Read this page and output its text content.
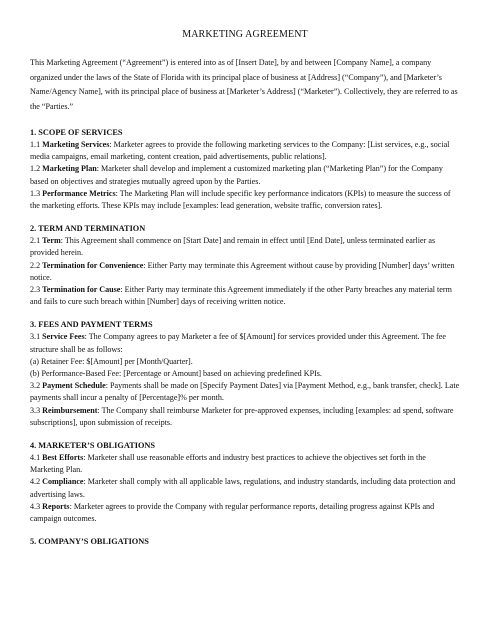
MARKETING AGREEMENT

This Marketing Agreement (“Agreement”) is entered into as of [Insert Date], by and between [Company Name], a company organized under the laws of the State of Florida with its principal place of business at [Address] (“Company”), and [Marketer’s Name/Agency Name], with its principal place of business at [Marketer’s Address] (“Marketer”). Collectively, they are referred to as the “Parties.”

1. SCOPE OF SERVICES

1.1 Marketing Services: Marketer agrees to provide the following marketing services to the Company: [List services, e.g., social media campaigns, email marketing, content creation, paid advertisements, public relations].

1.2 Marketing Plan: Marketer shall develop and implement a customized marketing plan (“Marketing Plan”) for the Company based on objectives and strategies mutually agreed upon by the Parties.

1.3 Performance Metrics: The Marketing Plan will include specific key performance indicators (KPIs) to measure the success of the marketing efforts. These KPIs may include [examples: lead generation, website traffic, conversion rates].

2. TERM AND TERMINATION

2.1 Term: This Agreement shall commence on [Start Date] and remain in effect until [End Date], unless terminated earlier as provided herein.

2.2 Termination for Convenience: Either Party may terminate this Agreement without cause by providing [Number] days’ written notice.

2.3 Termination for Cause: Either Party may terminate this Agreement immediately if the other Party breaches any material term and fails to cure such breach within [Number] days of receiving written notice.

3. FEES AND PAYMENT TERMS

3.1 Service Fees: The Company agrees to pay Marketer a fee of $[Amount] for services provided under this Agreement. The fee structure shall be as follows:

(a) Retainer Fee: $[Amount] per [Month/Quarter].

(b) Performance-Based Fee: [Percentage or Amount] based on achieving predefined KPIs.

3.2 Payment Schedule: Payments shall be made on [Specify Payment Dates] via [Payment Method, e.g., bank transfer, check]. Late payments shall incur a penalty of [Percentage]% per month.

3.3 Reimbursement: The Company shall reimburse Marketer for pre-approved expenses, including [examples: ad spend, software subscriptions], upon submission of receipts.

4. MARKETER’S OBLIGATIONS

4.1 Best Efforts: Marketer shall use reasonable efforts and industry best practices to achieve the objectives set forth in the Marketing Plan.

4.2 Compliance: Marketer shall comply with all applicable laws, regulations, and industry standards, including data protection and advertising laws.

4.3 Reports: Marketer agrees to provide the Company with regular performance reports, detailing progress against KPIs and campaign outcomes.

5. COMPANY’S OBLIGATIONS
